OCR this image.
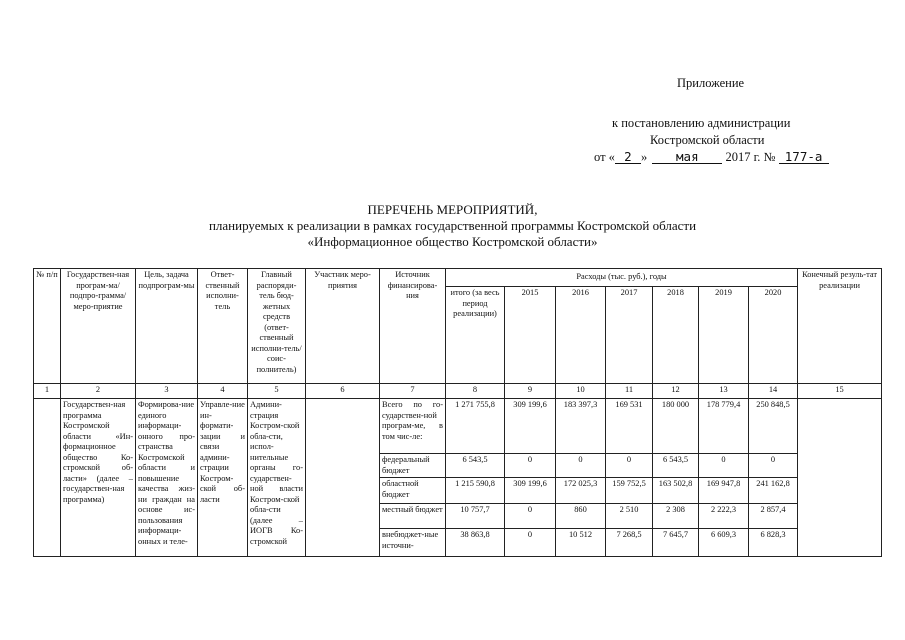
Приложение
к постановлению администрации
Костромской области
от « 2 » мая 2017 г. № 177-а
ПЕРЕЧЕНЬ МЕРОПРИЯТИЙ,
планируемых к реализации в рамках государственной программы Костромской области
«Информационное общество Костромской области»
№ п/п	Государствен-ная програм-ма/подпро-грамма/меро-приятие	Цель, задача подпрограм-мы	Ответ-ственный исполни-тель	Главный распоряди-тель бюд-жетных средств (ответ-ственный исполни-тель/соис-полнитель)	Участник меро-приятия	Источник финансирова-ния	Расходы (тыс. руб.), годы							Конечный резуль-тат реализации
							итого (за весь период реализации)	2015	2016	2017	2018	2019	2020	
1	2	3	4	5	6	7	8	9	10	11	12	13	14	15
	Государствен-ная программа Костромской области «Ин-формационное общество Ко-стромской об-ласти» (далее – государствен-ная программа)	Формирова-ние единого информаци-онного про-странства Костромской области и повышение качества жиз-ни граждан на основе ис-пользования информаци-онных и теле-	Управле-ние ин-формати-зации и связи админи-страции Костром-ской об-ласти	Админи-страция Костром-ской обла-сти, испол-нительные органы го-сударствен-ной власти Костром-ской обла-сти (далее – ИОГВ Ко-стромской		Всего по го-сударствен-ной програм-ме, в том чис-ле:	1 271 755,8	309 199,6	183 397,3	169 531	180 000	178 779,4	250 848,5	
						федеральный бюджет	6 543,5	0	0	0	6 543,5	0	0	
						областной бюджет	1 215 590,8	309 199,6	172 025,3	159 752,5	163 502,8	169 947,8	241 162,8	
						местный бюджет	10 757,7	0	860	2 510	2 308	2 222,3	2 857,4	
						внебюджет-ные источни-	38 863,8	0	10 512	7 268,5	7 645,7	6 609,3	6 828,3	
